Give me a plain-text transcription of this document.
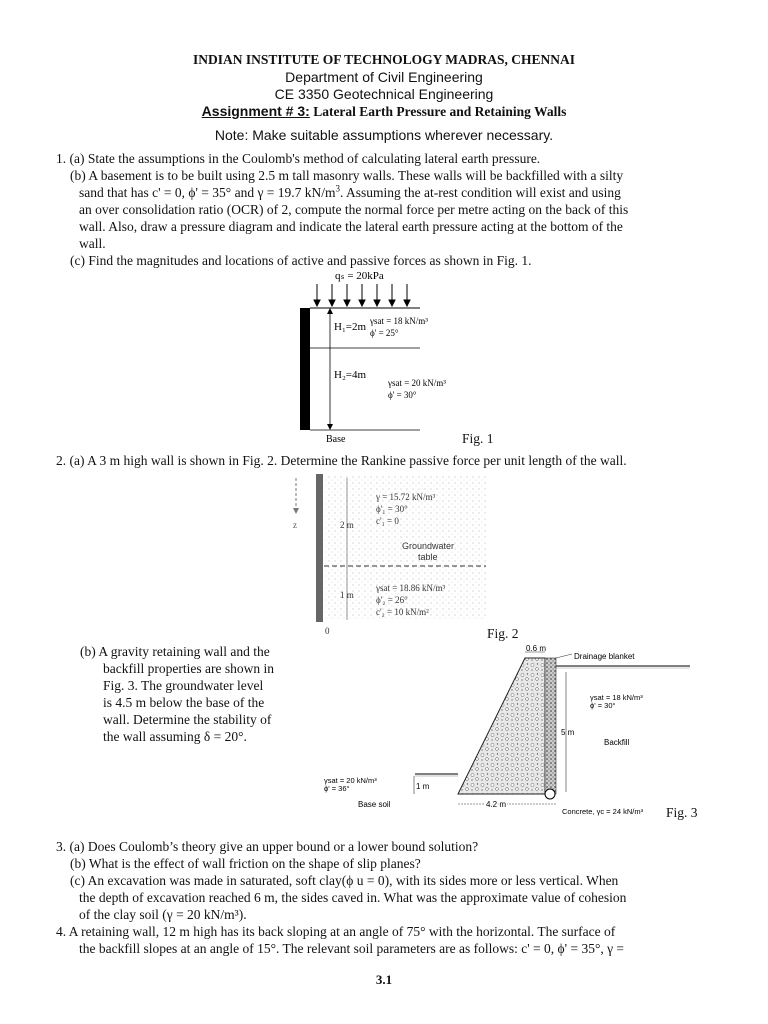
INDIAN INSTITUTE OF TECHNOLOGY MADRAS, CHENNAI
Department of Civil Engineering
CE 3350 Geotechnical Engineering
Assignment # 3: Lateral Earth Pressure and Retaining Walls
Note: Make suitable assumptions wherever necessary.
1. (a) State the assumptions in the Coulomb's method of calculating lateral earth pressure.
(b) A basement is to be built using 2.5 m tall masonry walls. These walls will be backfilled with a silty
sand that has c' = 0, ϕ' = 35° and γ = 19.7 $kN/m^3$. Assuming the at-rest condition will exist and using
an over consolidation ratio (OCR) of 2, compute the normal force per metre acting on the back of this
wall. Also, draw a pressure diagram and indicate the lateral earth pressure acting at the bottom of the
wall.
(c) Find the magnitudes and locations of active and passive forces as shown in Fig. 1.
qₛ = 20kPa
H₁=2m
H₂=4m
γsat = 18 kN/m³
ϕ' = 25°
γsat = 20 kN/m³
ϕ' = 30°
Base	Fig. 1
2. (a) A 3 m high wall is shown in Fig. 2. Determine the Rankine passive force per unit length of the wall.
z	2 m
1 m
0
γ = 15.72 kN/m³
ϕ'₁ = 30°
c'₁ = 0
Groundwater
table
γsat = 18.86 kN/m³
ϕ'₂ = 26°
c'₂ = 10 kN/m²
Fig. 2
(b) A gravity retaining wall and the
backfill properties are shown in
Fig. 3. The groundwater level
is 4.5 m below the base of the
wall. Determine the stability of
the wall assuming δ = 20°.
0.6 m
Drainage blanket
5 m
γsat = 18 kN/m³
ϕ' = 30°
Backfill
γsat = 20 kN/m³
ϕ' = 36°	1 m
Base soil	4.2 m
Concrete, γc = 24 kN/m³ Fig. 3
3. (a) Does Coulomb’s theory give an upper bound or a lower bound solution?
(b) What is the effect of wall friction on the shape of slip planes?
(c) An excavation was made in saturated, soft clay(ϕ u = 0), with its sides more or less vertical. When
the depth of excavation reached 6 m, the sides caved in. What was the approximate value of cohesion
of the clay soil (γ = 20 kN/m³).
4. A retaining wall, 12 m high has its back sloping at an angle of 75° with the horizontal. The surface of
the backfill slopes at an angle of 15°. The relevant soil parameters are as follows: c' = 0, ϕ' = 35°, γ =
3.1
